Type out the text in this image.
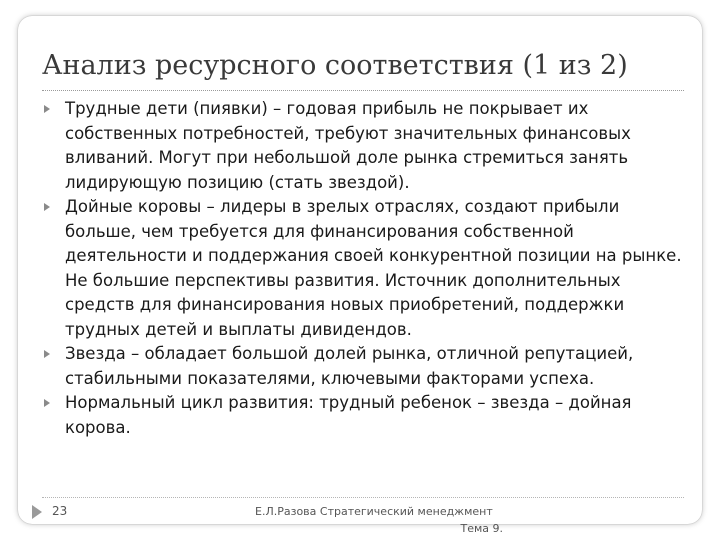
Анализ ресурсного соответствия (1 из 2)
Трудные дети (пиявки) – годовая прибыль не покрывает их собственных потребностей, требуют значительных финансовых вливаний. Могут при небольшой доле рынка стремиться занять лидирующую позицию (стать звездой).
Дойные коровы – лидеры в зрелых отраслях, создают прибыли больше, чем требуется для финансирования собственной деятельности и поддержания своей конкурентной позиции на рынке. Не большие перспективы развития. Источник дополнительных средств для финансирования новых приобретений, поддержки трудных детей и выплаты дивидендов.
Звезда – обладает большой долей рынка, отличной репутацией, стабильными показателями, ключевыми факторами успеха.
Нормальный цикл развития: трудный ребенок – звезда – дойная корова.
23	Е.Л.Разова Стратегический менеджмент
Тема 9.
